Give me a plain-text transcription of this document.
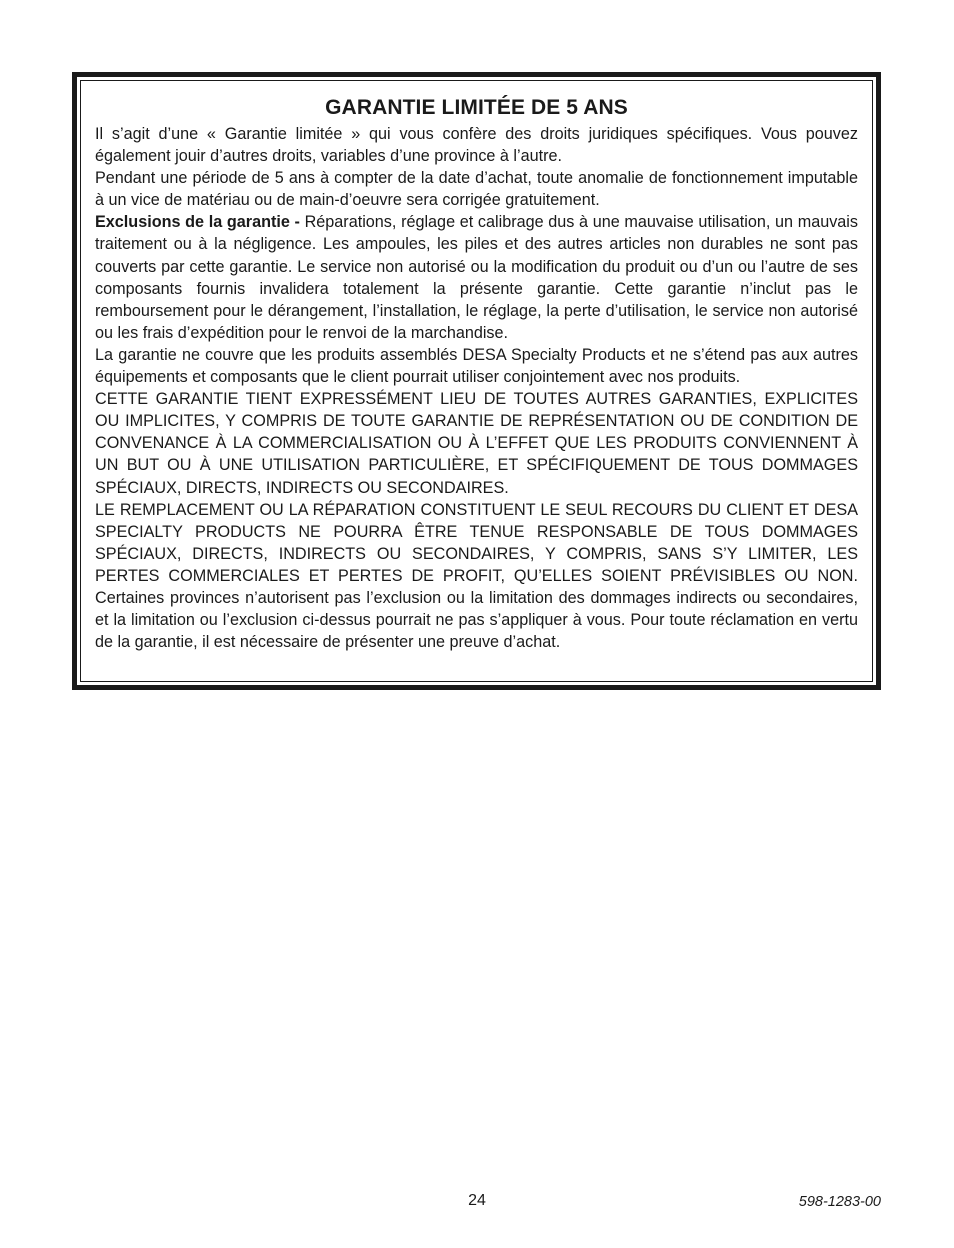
GARANTIE LIMITÉE DE 5 ANS

Il s’agit d’une « Garantie limitée » qui vous confère des droits juridiques spécifiques. Vous pouvez également jouir d’autres droits, variables d’une province à l’autre.

Pendant une période de 5 ans à compter de la date d’achat, toute anomalie de fonctionnement imputable à un vice de matériau ou de main-d’oeuvre sera corrigée gratuitement.

Exclusions de la garantie - Réparations, réglage et calibrage dus à une mauvaise utilisation, un mauvais traitement ou à la négligence. Les ampoules, les piles et des autres articles non durables ne sont pas couverts par cette garantie. Le service non autorisé ou la modification du produit ou d’un ou l’autre de ses composants fournis invalidera totalement la présente garantie. Cette garantie n’inclut pas le remboursement pour le dérangement, l’installation, le réglage, la perte d’utilisation, le service non autorisé ou les frais d’expédition pour le renvoi de la marchandise.

La garantie ne couvre que les produits assemblés DESA Specialty Products et ne s’étend pas aux autres équipements et composants que le client pourrait utiliser conjointement avec nos produits.

CETTE GARANTIE TIENT EXPRESSÉMENT LIEU DE TOUTES AUTRES GARANTIES, EXPLICITES OU IMPLICITES, Y COMPRIS DE TOUTE GARANTIE DE REPRÉSENTATION OU DE CONDITION DE CONVENANCE À LA COMMERCIALISATION OU À L’EFFET QUE LES PRODUITS CONVIENNENT À UN BUT OU À UNE UTILISATION PARTICULIÈRE, ET SPÉCIFIQUEMENT DE TOUS DOMMAGES SPÉCIAUX, DIRECTS, INDIRECTS OU SECONDAIRES.

LE REMPLACEMENT OU LA RÉPARATION CONSTITUENT LE SEUL RECOURS DU CLIENT ET DESA SPECIALTY PRODUCTS NE POURRA ÊTRE TENUE RESPONSABLE DE TOUS DOMMAGES SPÉCIAUX, DIRECTS, INDIRECTS OU SECONDAIRES, Y COMPRIS, SANS S’Y LIMITER, LES PERTES COMMERCIALES ET PERTES DE PROFIT, QU’ELLES SOIENT PRÉVISIBLES OU NON. Certaines provinces n’autorisent pas l’exclusion ou la limitation des dommages indirects ou secondaires, et la limitation ou l’exclusion ci-dessus pourrait ne pas s’appliquer à vous. Pour toute réclamation en vertu de la garantie, il est nécessaire de présenter une preuve d’achat.

24	598-1283-00
